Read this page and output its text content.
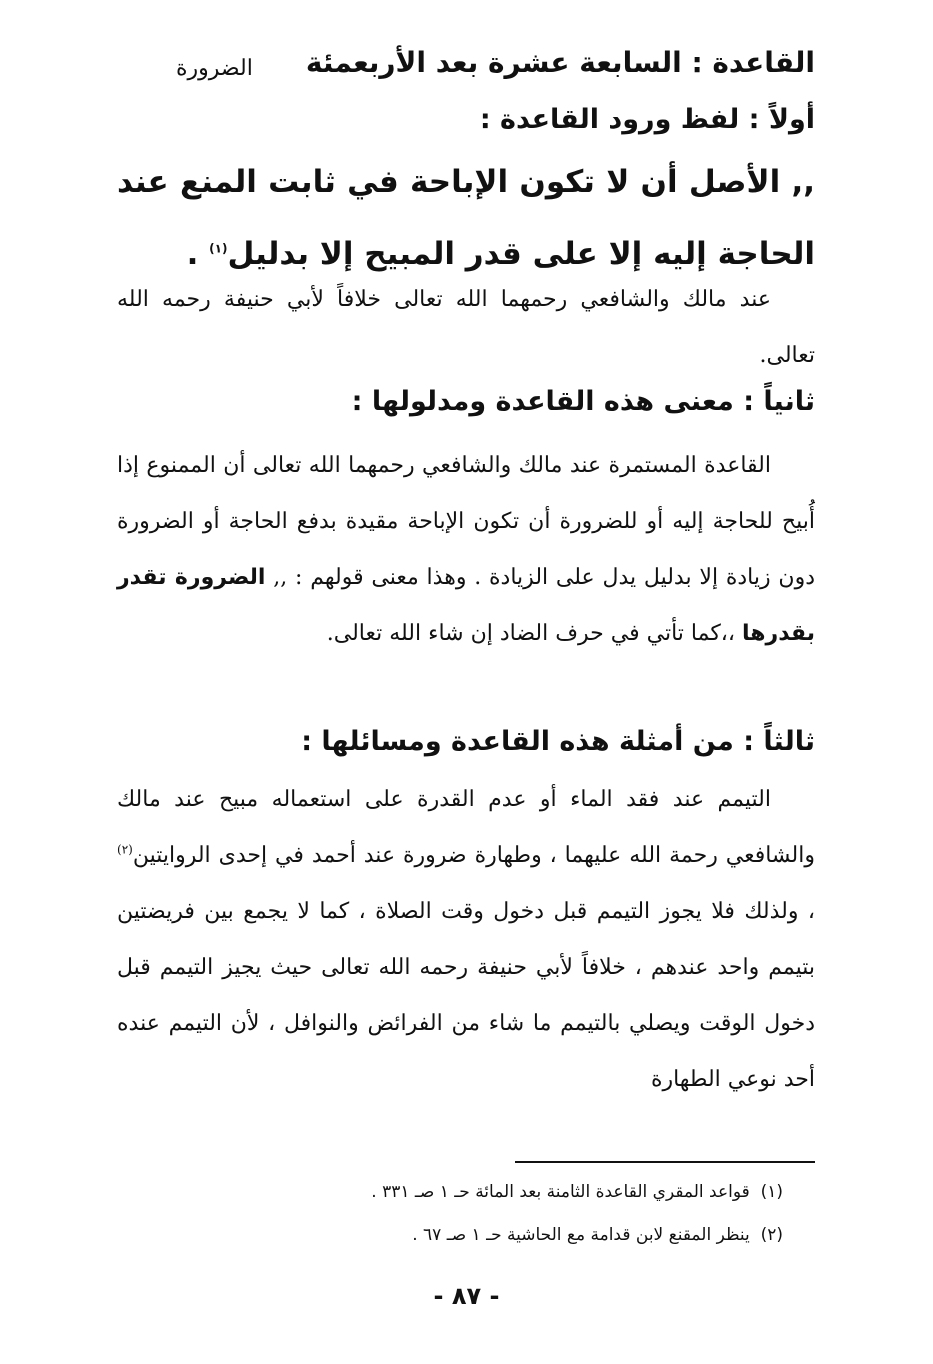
القاعدة : السابعة عشرة بعد الأربعمئة
الضرورة
أولاً : لفظ ورود القاعدة :
,, الأصل أن لا تكون الإباحة في ثابت المنع عند الحاجة إليه إلا على قدر المبيح إلا بدليل$^{(١)}$ .
عند مالك والشافعي رحمهما الله تعالى خلافاً لأبي حنيفة رحمه الله تعالى.
ثانياً : معنى هذه القاعدة ومدلولها :
القاعدة المستمرة عند مالك والشافعي رحمهما الله تعالى أن الممنوع إذا أُبيح للحاجة إليه أو للضرورة أن تكون الإباحة مقيدة بدفع الحاجة أو الضرورة دون زيادة إلا بدليل يدل على الزيادة . وهذا معنى قولهم : ,, الضرورة تقدر بقدرها ،،كما تأتي في حرف الضاد إن شاء الله تعالى.
ثالثاً : من أمثلة هذه القاعدة ومسائلها :
التيمم عند فقد الماء أو عدم القدرة على استعماله مبيح عند مالك والشافعي رحمة الله عليهما ، وطهارة ضرورة عند أحمد في إحدى الروايتين$^{(٢)}$ ، ولذلك فلا يجوز التيمم قبل دخول وقت الصلاة ، كما لا يجمع بين فريضتين بتيمم واحد عندهم ، خلافاً لأبي حنيفة رحمه الله تعالى حيث يجيز التيمم قبل دخول الوقت ويصلي بالتيمم ما شاء من الفرائض والنوافل ، لأن التيمم عنده أحد نوعي الطهارة
(١)  قواعد المقري القاعدة الثامنة بعد المائة حـ ١ صـ ٣٣١ .
(٢)  ينظر المقنع لابن قدامة مع الحاشية حـ ١ صـ ٦٧ .
- ٨٧ -
